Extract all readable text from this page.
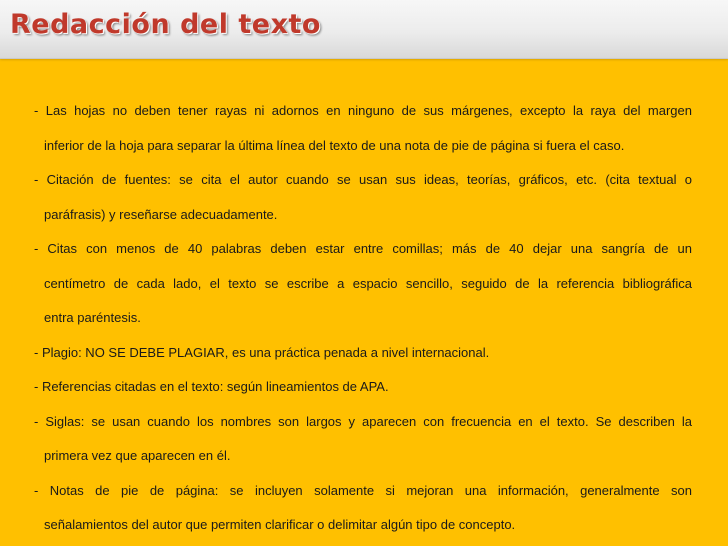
Redacción del texto

- Las hojas no deben tener rayas ni adornos en ninguno de sus márgenes, excepto la raya del margen
inferior de la hoja para separar la última línea del texto de una nota de pie de página si fuera el caso.

- Citación de fuentes: se cita el autor cuando se usan sus ideas, teorías, gráficos, etc. (cita textual o
paráfrasis) y reseñarse adecuadamente.

- Citas con menos de 40 palabras deben estar entre comillas; más de 40 dejar una sangría de un
centímetro de cada lado, el texto se escribe a espacio sencillo, seguido de la referencia bibliográfica
entra paréntesis.

- Plagio: NO SE DEBE PLAGIAR, es una práctica penada a nivel internacional.

- Referencias citadas en el texto: según lineamientos de APA.

- Siglas: se usan cuando los nombres son largos y aparecen con frecuencia en el texto. Se describen la
primera vez que aparecen en él.

- Notas de pie de página: se incluyen solamente si mejoran una información, generalmente son
señalamientos del autor que permiten clarificar o delimitar algún tipo de concepto.
